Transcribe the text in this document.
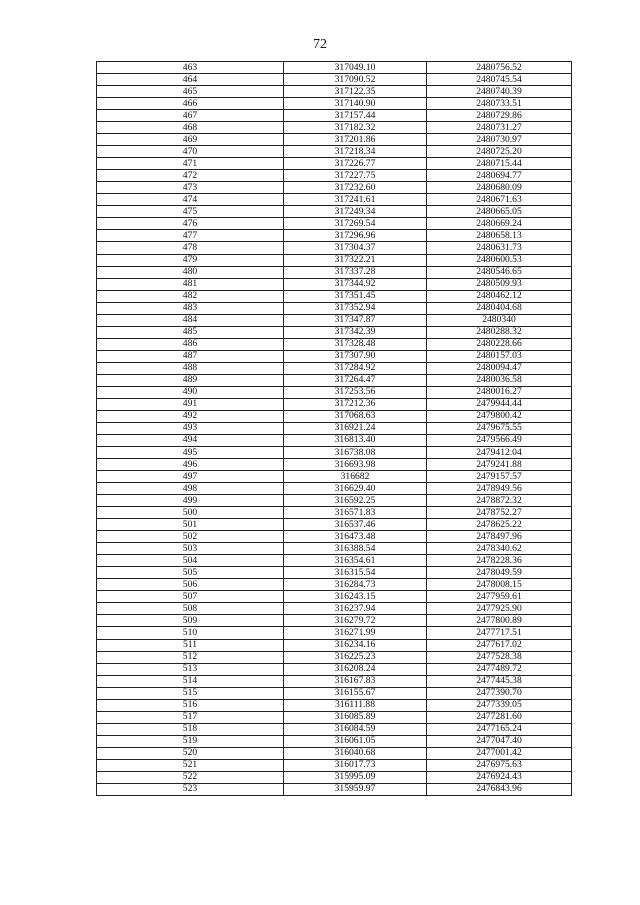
72
463	317049.10	2480756.52
464	317090.52	2480745.54
465	317122.35	2480740.39
466	317140.90	2480733.51
467	317157.44	2480729.86
468	317182.32	2480731.27
469	317201.86	2480730.97
470	317218.34	2480725.20
471	317226.77	2480715.44
472	317227.75	2480694.77
473	317232.60	2480680.09
474	317241.61	2480671.63
475	317249.34	2480665.05
476	317269.54	2480669.24
477	317296.96	2480658.13
478	317304.37	2480631.73
479	317322.21	2480600.53
480	317337.28	2480546.65
481	317344.92	2480509.93
482	317351.45	2480462.12
483	317352.94	2480404.68
484	317347.87	2480340
485	317342.39	2480288.32
486	317328.48	2480228.66
487	317307.90	2480157.03
488	317284.92	2480094.47
489	317264.47	2480036.58
490	317253.56	2480016.27
491	317212.36	2479944.44
492	317068.63	2479800.42
493	316921.24	2479675.55
494	316813.40	2479566.49
495	316738.08	2479412.04
496	316693.98	2479241.88
497	316682	2479157.57
498	316629.40	2478949.56
499	316592.25	2478872.32
500	316571.83	2478752.27
501	316537.46	2478625.22
502	316473.48	2478497.96
503	316388.54	2478340.62
504	316354.61	2478228.36
505	316315.54	2478049.59
506	316284.73	2478008.15
507	316243.15	2477959.61
508	316237.94	2477925.90
509	316279.72	2477800.89
510	316271.99	2477717.51
511	316234.16	2477617.02
512	316225.23	2477528.38
513	316208.24	2477489.72
514	316167.83	2477445.38
515	316155.67	2477390.70
516	316111.88	2477339.05
517	316085.89	2477281.60
518	316084.59	2477165.24
519	316061.05	2477047.40
520	316040.68	2477001.42
521	316017.73	2476975.63
522	315995.09	2476924.43
523	315959.97	2476843.96
